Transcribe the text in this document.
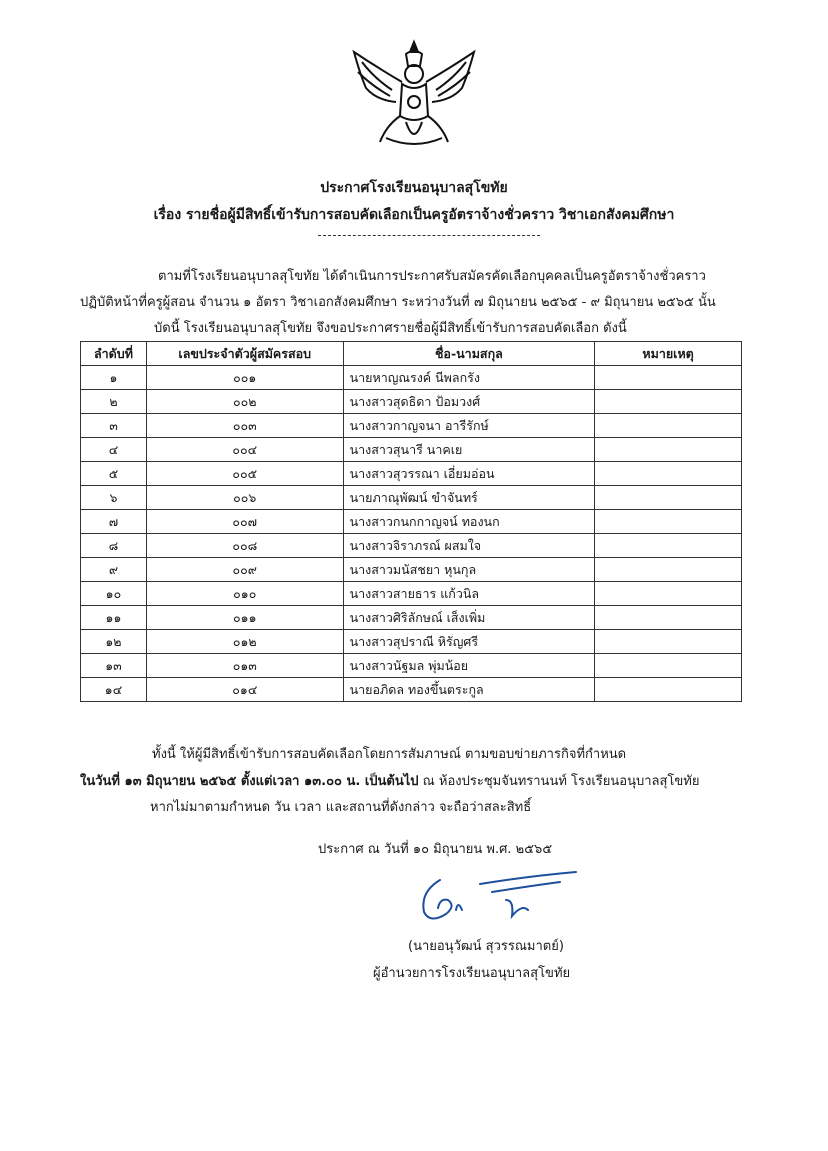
ประกาศโรงเรียนอนุบาลสุโขทัย
เรื่อง รายชื่อผู้มีสิทธิ์เข้ารับการสอบคัดเลือกเป็นครูอัตราจ้างชั่วคราว วิชาเอกสังคมศึกษา
ตามที่โรงเรียนอนุบาลสุโขทัย ได้ดำเนินการประกาศรับสมัครคัดเลือกบุคคลเป็นครูอัตราจ้างชั่วคราว
ปฏิบัติหน้าที่ครูผู้สอน จำนวน ๑ อัตรา วิชาเอกสังคมศึกษา ระหว่างวันที่ ๗ มิถุนายน ๒๕๖๕ - ๙ มิถุนายน ๒๕๖๕ นั้น
บัดนี้ โรงเรียนอนุบาลสุโขทัย จึงขอประกาศรายชื่อผู้มีสิทธิ์เข้ารับการสอบคัดเลือก ดังนี้
ลำดับที่	เลขประจำตัวผู้สมัครสอบ	ชื่อ-นามสกุล	หมายเหตุ
๑	๐๐๑	นายหาญณรงค์ นีพลกรัง	
๒	๐๐๒	นางสาวสุดธิดา ป้อมวงศ์	
๓	๐๐๓	นางสาวกาญจนา อารีรักษ์	
๔	๐๐๔	นางสาวสุนารี นาคเย	
๕	๐๐๕	นางสาวสุวรรณา เอี่ยมอ่อน	
๖	๐๐๖	นายภาณุพัฒน์ ขำจันทร์	
๗	๐๐๗	นางสาวกนกกาญจน์ ทองนก	
๘	๐๐๘	นางสาวจิราภรณ์ ผสมใจ	
๙	๐๐๙	นางสาวมนัสชยา หุนกุล	
๑๐	๐๑๐	นางสาวสายธาร แก้วนิล	
๑๑	๐๑๑	นางสาวศิริลักษณ์ เส็งเพิ่ม	
๑๒	๐๑๒	นางสาวสุปราณี หิรัญศรี	
๑๓	๐๑๓	นางสาวนัฐมล พุ่มน้อย	
๑๔	๐๑๔	นายอภิดล ทองขึ้นตระกูล	
ทั้งนี้ ให้ผู้มีสิทธิ์เข้ารับการสอบคัดเลือกโดยการสัมภาษณ์ ตามขอบข่ายภารกิจที่กำหนด
ในวันที่ ๑๓ มิถุนายน ๒๕๖๕ ตั้งแต่เวลา ๑๓.๐๐ น. เป็นต้นไป ณ ห้องประชุมจันทรานนท์ โรงเรียนอนุบาลสุโขทัย
หากไม่มาตามกำหนด วัน เวลา และสถานที่ดังกล่าว จะถือว่าสละสิทธิ์
ประกาศ ณ วันที่ ๑๐ มิถุนายน พ.ศ. ๒๕๖๕
(นายอนุวัฒน์ สุวรรณมาตย์)
ผู้อำนวยการโรงเรียนอนุบาลสุโขทัย
